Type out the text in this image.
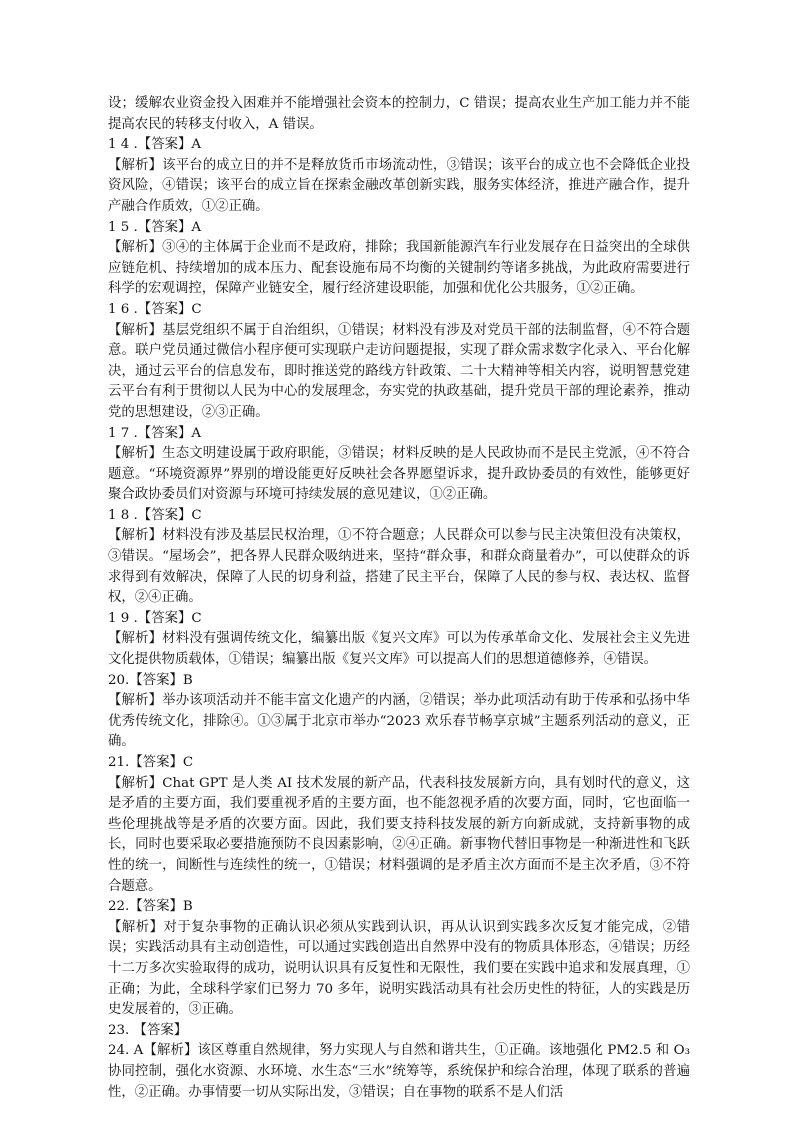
设；缓解农业资金投入困难并不能增强社会资本的控制力，C 错误；提高农业生产加工能力并不能提高农民的转移支付收入，A 错误。

1 4 .【答案】A

【解析】该平台的成立日的并不是释放货币市场流动性，③错误；该平台的成立也不会降低企业投资风险，④错误；该平台的成立旨在探索金融改革创新实践，服务实体经济，推进产融合作，提升产融合作质效，①②正确。

1 5 .【答案】A

【解析】③④的主体属于企业而不是政府，排除；我国新能源汽车行业发展存在日益突出的全球供应链危机、持续增加的成本压力、配套设施布局不均衡的关键制约等诸多挑战，为此政府需要进行科学的宏观调控，保障产业链安全，履行经济建设职能，加强和优化公共服务，①②正确。

1 6 .【答案】C

【解析】基层党组织不属于自治组织，①错误；材料没有涉及对党员干部的法制监督，④不符合题意。联户党员通过微信小程序便可实现联户走访问题提报，实现了群众需求数字化录入、平台化解决，通过云平台的信息发布，即时推送党的路线方针政策、二十大精神等相关内容，说明智慧党建云平台有利于贯彻以人民为中心的发展理念，夯实党的执政基础，提升党员干部的理论素养，推动党的思想建设，②③正确。

1 7 .【答案】A

【解析】生态文明建设属于政府职能，③错误；材料反映的是人民政协而不是民主党派，④不符合题意。“环境资源界”界别的增设能更好反映社会各界愿望诉求，提升政协委员的有效性，能够更好聚合政协委员们对资源与环境可持续发展的意见建议，①②正确。

1 8 .【答案】C

【解析】材料没有涉及基层民权治理，①不符合题意；人民群众可以参与民主决策但没有决策权，③错误。“屋场会”，把各界人民群众吸纳进来，坚持“群众事，和群众商量着办”，可以使群众的诉求得到有效解决，保障了人民的切身利益，搭建了民主平台，保障了人民的参与权、表达权、监督权，②④正确。

1 9 .【答案】C

【解析】材料没有强调传统文化，编纂出版《复兴文库》可以为传承革命文化、发展社会主义先进文化提供物质载体，①错误；编纂出版《复兴文库》可以提高人们的思想道德修养，④错误。

20.【答案】B

【解析】举办该项活动并不能丰富文化遗产的内涵，②错误；举办此项活动有助于传承和弘扬中华优秀传统文化，排除④。①③属于北京市举办“2023 欢乐春节畅享京城”主题系列活动的意义，正确。

21.【答案】C

【解析】Chat GPT 是人类 AI 技术发展的新产品，代表科技发展新方向，具有划时代的意义，这是矛盾的主要方面，我们要重视矛盾的主要方面，也不能忽视矛盾的次要方面，同时，它也面临一些伦理挑战等是矛盾的次要方面。因此，我们要支持科技发展的新方向新成就，支持新事物的成长，同时也要采取必要措施预防不良因素影响，②④正确。新事物代替旧事物是一种渐进性和飞跃性的统一，间断性与连续性的统一，①错误；材料强调的是矛盾主次方面而不是主次矛盾，③不符合题意。

22.【答案】B

【解析】对于复杂事物的正确认识必须从实践到认识，再从认识到实践多次反复才能完成，②错误；实践活动具有主动创造性，可以通过实践创造出自然界中没有的物质具体形态，④错误；历经十二万多次实验取得的成功，说明认识具有反复性和无限性，我们要在实践中追求和发展真理，①正确；为此，全球科学家们已努力 70 多年，说明实践活动具有社会历史性的特征，人的实践是历史发展着的，③正确。

23. 【答案】

24. A【解析】该区尊重自然规律，努力实现人与自然和谐共生，①正确。该地强化 PM2.5 和 O₃ 协同控制，强化水资源、水环境、水生态“三水”统筹等，系统保护和综合治理，体现了联系的普遍性，②正确。办事情要一切从实际出发，③错误；自在事物的联系不是人们活
